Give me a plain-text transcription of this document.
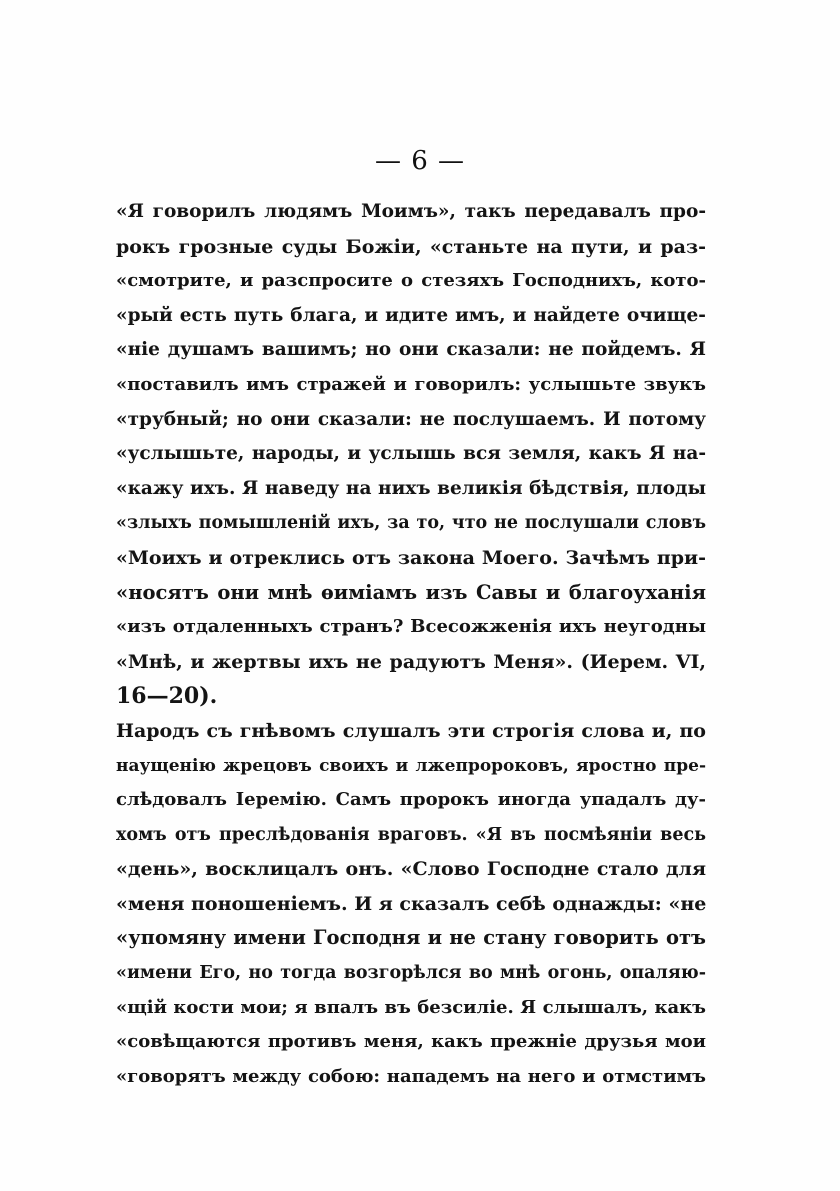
— 6 —
«Я говорилъ людямъ Моимъ», такъ передавалъ про-
рокъ грозные суды Божіи, «станьте на пути, и раз-
«смотрите, и разспросите о стезяхъ Господнихъ, кото-
«рый есть путь блага, и идите имъ, и найдете очище-
«ніе душамъ вашимъ; но они сказали: не пойдемъ. Я
«поставилъ имъ стражей и говорилъ: услышьте звукъ
«трубный; но они сказали: не послушаемъ. И потому
«услышьте, народы, и услышь вся земля, какъ Я на-
«кажу ихъ. Я наведу на нихъ великія бѣдствія, плоды
«злыхъ помышленій ихъ, за то, что не послушали словъ
«Моихъ и отреклись отъ закона Моего. Зачѣмъ при-
«носятъ они мнѣ ѳиміамъ изъ Савы и благоуханія
«изъ отдаленныхъ странъ? Всесожженія ихъ неугодны
«Мнѣ, и жертвы ихъ не радуютъ Меня». (Иерем. VI,
16—20).
Народъ съ гнѣвомъ слушалъ эти строгія слова и, по
наущенію жрецовъ своихъ и лжепророковъ, яростно пре-
слѣдовалъ Іеремію. Самъ пророкъ иногда упадалъ ду-
хомъ отъ преслѣдованія враговъ. «Я въ посмѣяніи весь
«день», восклицалъ онъ. «Слово Господне стало для
«меня поношеніемъ. И я сказалъ себѣ однажды: «не
«упомяну имени Господня и не стану говорить отъ
«имени Его, но тогда возгорѣлся во мнѣ огонь, опаляю-
«щій кости мои; я впалъ въ безсиліе. Я слышалъ, какъ
«совѣщаются противъ меня, какъ прежніе друзья мои
«говорятъ между собою: нападемъ на него и отмстимъ
